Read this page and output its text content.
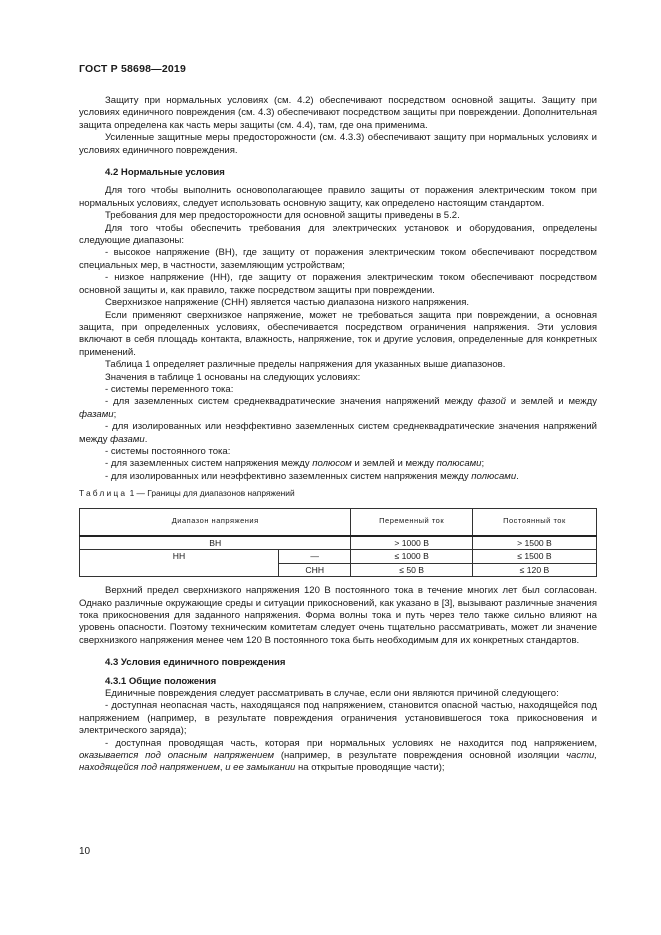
ГОСТ Р 58698—2019

Защиту при нормальных условиях (см. 4.2) обеспечивают посредством основной защиты. Защиту при условиях единичного повреждения (см. 4.3) обеспечивают посредством защиты при повреждении. Дополнительная защита определена как часть меры защиты (см. 4.4), там, где она применима.

Усиленные защитные меры предосторожности (см. 4.3.3) обеспечивают защиту при нормальных условиях и условиях единичного повреждения.

4.2 Нормальные условия

Для того чтобы выполнить основополагающее правило защиты от поражения электрическим током при нормальных условиях, следует использовать основную защиту, как определено настоящим стандартом.

Требования для мер предосторожности для основной защиты приведены в 5.2.

Для того чтобы обеспечить требования для электрических установок и оборудования, определены следующие диапазоны:

- высокое напряжение (ВН), где защиту от поражения электрическим током обеспечивают посредством специальных мер, в частности, заземляющим устройствам;

- низкое напряжение (НН), где защиту от поражения электрическим током обеспечивают посредством основной защиты и, как правило, также посредством защиты при повреждении.

Сверхнизкое напряжение (СНН) является частью диапазона низкого напряжения.

Если применяют сверхнизкое напряжение, может не требоваться защита при повреждении, а основная защита, при определенных условиях, обеспечивается посредством ограничения напряжения. Эти условия включают в себя площадь контакта, влажность, напряжение, ток и другие условия, определенные для конкретных применений.

Таблица 1 определяет различные пределы напряжения для указанных выше диапазонов.

Значения в таблице 1 основаны на следующих условиях:

- системы переменного тока:

- для заземленных систем среднеквадратические значения напряжений между фазой и землей и между фазами;

- для изолированных или неэффективно заземленных систем среднеквадратические значения напряжений между фазами.

- системы постоянного тока:

- для заземленных систем напряжения между полюсом и землей и между полюсами;

- для изолированных или неэффективно заземленных систем напряжения между полюсами.

Таблица 1 — Границы для диапазонов напряжений

Диапазон напряжения		Переменный ток	Постоянный ток
ВН		> 1000 В	> 1500 В
НН	—	≤ 1000 В	≤ 1500 В
	СНН	≤ 50 В	≤ 120 В

Верхний предел сверхнизкого напряжения 120 В постоянного тока в течение многих лет был согласован. Однако различные окружающие среды и ситуации прикосновений, как указано в [3], вызывают различные значения тока прикосновения для заданного напряжения. Форма волны тока и путь через тело также сильно влияют на уровень опасности. Поэтому техническим комитетам следует очень тщательно рассматривать, может ли значение сверхнизкого напряжения менее чем 120 В постоянного тока быть необходимым для их конкретных стандартов.

4.3 Условия единичного повреждения

4.3.1 Общие положения

Единичные повреждения следует рассматривать в случае, если они являются причиной следующего:

- доступная неопасная часть, находящаяся под напряжением, становится опасной частью, находящейся под напряжением (например, в результате повреждения ограничения установившегося тока прикосновения и электрического заряда);

- доступная проводящая часть, которая при нормальных условиях не находится под напряжением, оказывается под опасным напряжением (например, в результате повреждения основной изоляции части, находящейся под напряжением, и ее замыкании на открытые проводящие части);

10
